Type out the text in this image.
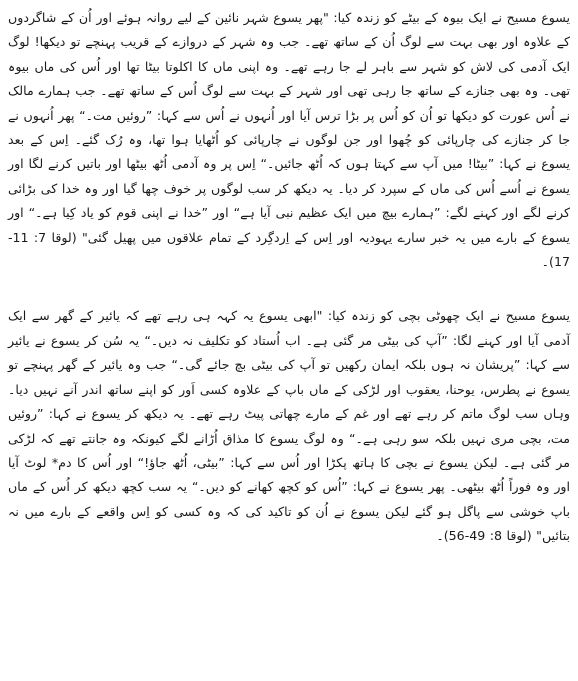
یسوع مسیح نے ایک بیوہ کے بیٹے کو زندہ کیا: "پھر یسوع شہر نائین کے لیے روانہ ہوئے اور اُن کے شاگردوں کے علاوہ اور بھی بہت سے لوگ اُن کے ساتھ تھے۔ جب وہ شہر کے دروازے کے قریب پہنچے تو دیکھا! لوگ ایک آدمی کی لاش کو شہر سے باہر لے جا رہے تھے۔ وہ اپنی ماں کا اکلوتا بیٹا تھا اور اُس کی ماں بیوہ تھی۔ وہ بھی جنازے کے ساتھ جا رہی تھی اور شہر کے بہت سے لوگ اُس کے ساتھ تھے۔ جب ہمارے مالک نے اُس عورت کو دیکھا تو اُن کو اُس پر بڑا ترس آیا اور اُنہوں نے اُس سے کہا: ”روئیں مت۔“ پھر اُنہوں نے جا کر جنازے کی چارپائی کو چُھوا اور جن لوگوں نے چارپائی کو اُٹھایا ہوا تھا، وہ رُک گئے۔ اِس کے بعد یسوع نے کہا: ”بیٹا! میں آپ سے کہتا ہوں کہ اُٹھ جائیں۔“ اِس پر وہ آدمی اُٹھ بیٹھا اور باتیں کرنے لگا اور یسوع نے اُسے اُس کی ماں کے سپرد کر دیا۔ یہ دیکھ کر سب لوگوں پر خوف چھا گیا اور وہ خدا کی بڑائی کرنے لگے اور کہنے لگے: ”ہمارے بیچ میں ایک عظیم نبی آیا ہے“ اور ”خدا نے اپنی قوم کو یاد کِیا ہے۔“ اور یسوع کے بارے میں یہ خبر سارے یہودیہ اور اِس کے اِردگِرد کے تمام علاقوں میں پھیل گئی" (لوقا 7: 11-17)۔

یسوع مسیح نے ایک چھوٹی بچی کو زندہ کیا: "ابھی یسوع یہ کہہ ہی رہے تھے کہ یائیر کے گھر سے ایک آدمی آیا اور کہنے لگا: ”آپ کی بیٹی مر گئی ہے۔ اب اُستاد کو تکلیف نہ دیں۔“ یہ سُن کر یسوع نے یائیر سے کہا: ”پریشان نہ ہوں بلکہ ایمان رکھیں تو آپ کی بیٹی بچ جائے گی۔“ جب وہ یائیر کے گھر پہنچے تو یسوع نے پطرس، یوحنا، یعقوب اور لڑکی کے ماں باپ کے علاوہ کسی اَور کو اپنے ساتھ اندر آنے نہیں دیا۔ وہاں سب لوگ ماتم کر رہے تھے اور غم کے مارے چھاتی پیٹ رہے تھے۔ یہ دیکھ کر یسوع نے کہا: ”روئیں مت، بچی مری نہیں بلکہ سو رہی ہے۔“ وہ لوگ یسوع کا مذاق اُڑانے لگے کیونکہ وہ جانتے تھے کہ لڑکی مر گئی ہے۔ لیکن یسوع نے بچی کا ہاتھ پکڑا اور اُس سے کہا: ”بیٹی، اُٹھ جاؤ!“ اور اُس کا دم* لوٹ آیا اور وہ فوراً اُٹھ بیٹھی۔ پھر یسوع نے کہا: ”اُس کو کچھ کھانے کو دیں۔“ یہ سب کچھ دیکھ کر اُس کے ماں باپ خوشی سے پاگل ہو گئے لیکن یسوع نے اُن کو تاکید کی کہ وہ کسی کو اِس واقعے کے بارے میں نہ بتائیں" (لوقا 8: 49-56)۔
